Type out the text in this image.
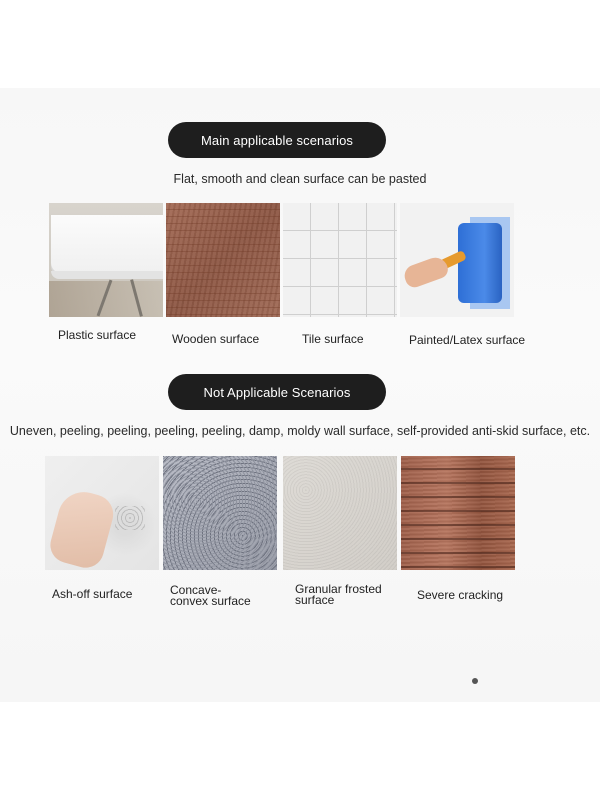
Main applicable scenarios
Flat, smooth and clean surface can be pasted
Plastic surface	Wooden surface	Tile surface	Painted/Latex surface
Not Applicable Scenarios
Uneven, peeling, peeling, peeling, peeling, damp, moldy wall surface, self-provided anti-skid surface, etc.
Ash-off surface	Concave-
convex surface
Granular frosted
surface	Severe cracking
